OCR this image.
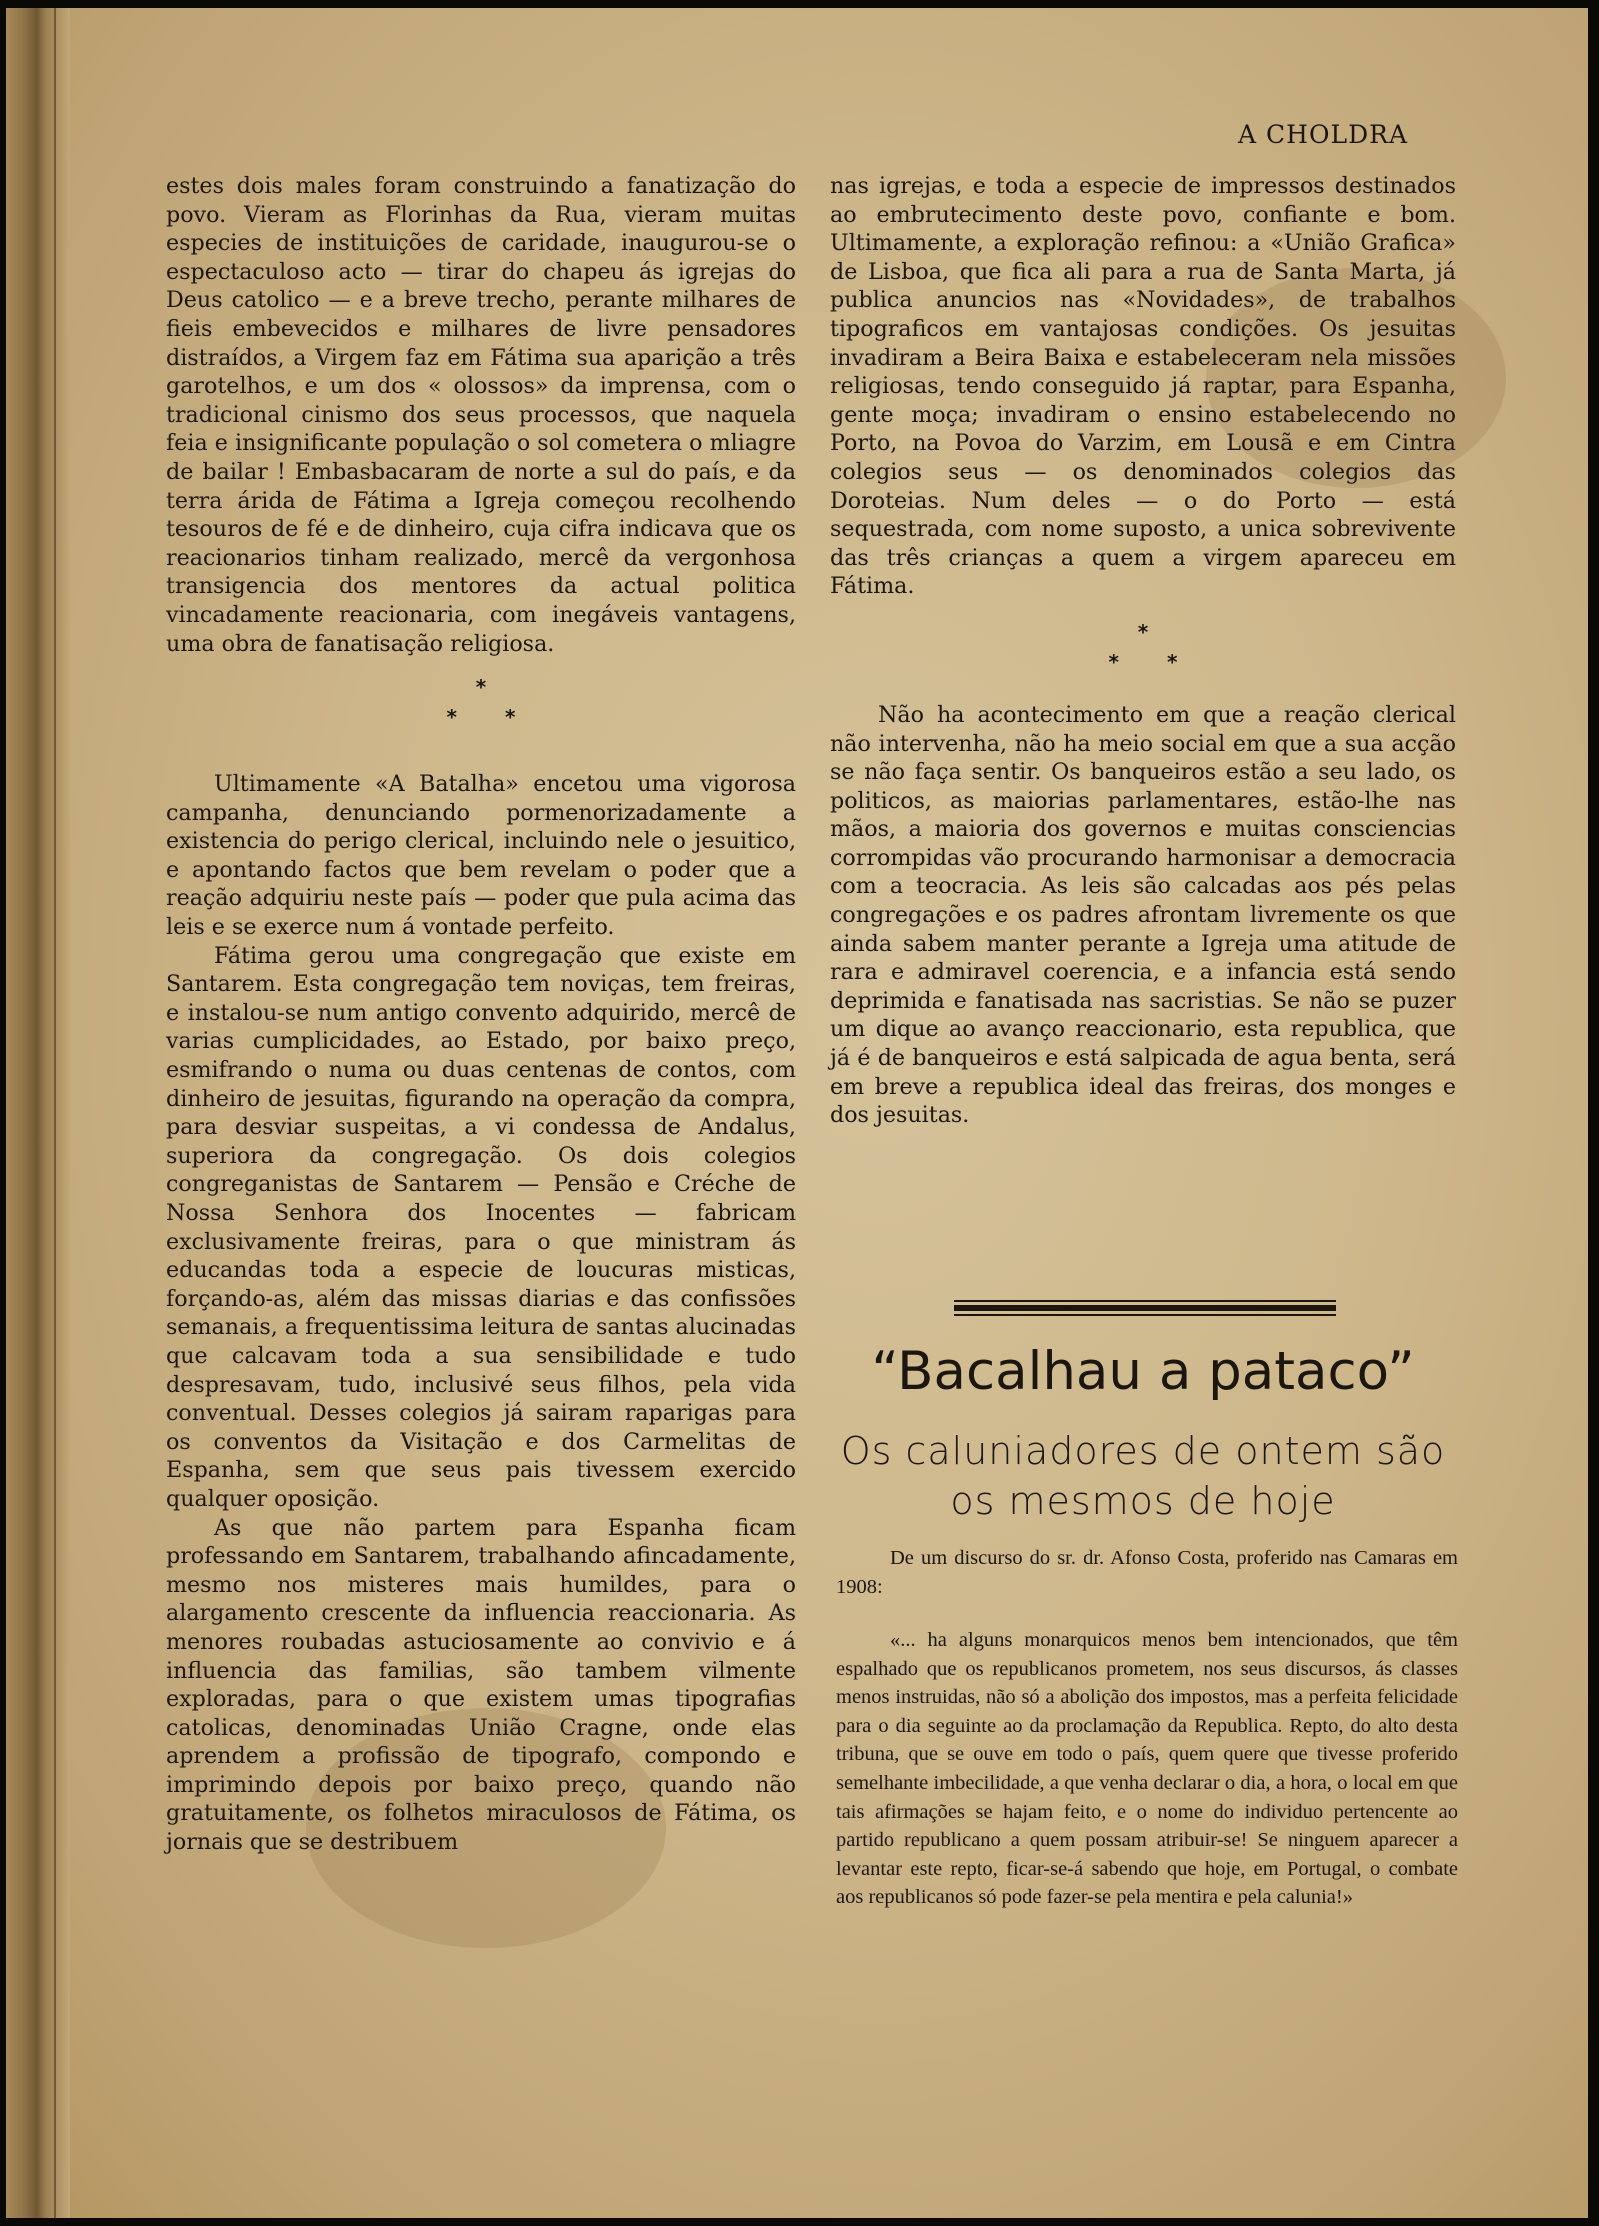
A CHOLDRA

estes dois males foram construindo a fanatização do povo. Vieram as Florinhas da Rua, vieram muitas especies de instituições de caridade, inaugurou-se o espectaculoso acto — tirar do chapeu ás igrejas do Deus catolico — e a breve trecho, perante milhares de fieis embevecidos e milhares de livre pensadores distraídos, a Virgem faz em Fátima sua aparição a três garotelhos, e um dos « olossos» da imprensa, com o tradicional cinismo dos seus processos, que naquela feia e insignificante população o sol cometera o mliagre de bailar ! Embasbacaram de norte a sul do país, e da terra árida de Fátima a Igreja começou recolhendo tesouros de fé e de dinheiro, cuja cifra indicava que os reacionarios tinham realizado, mercê da vergonhosa transigencia dos mentores da actual politica vincadamente reacionaria, com inegáveis vantagens, uma obra de fanatisação religiosa.

*
**

Ultimamente «A Batalha» encetou uma vigorosa campanha, denunciando pormenorizadamente a existencia do perigo clerical, incluindo nele o jesuitico, e apontando factos que bem revelam o poder que a reação adquiriu neste país — poder que pula acima das leis e se exerce num á vontade perfeito.

Fátima gerou uma congregação que existe em Santarem. Esta congregação tem noviças, tem freiras, e instalou-se num antigo convento adquirido, mercê de varias cumplicidades, ao Estado, por baixo preço, esmifrando o numa ou duas centenas de contos, com dinheiro de jesuitas, figurando na operação da compra, para desviar suspeitas, a vi condessa de Andalus, superiora da congregação. Os dois colegios congreganistas de Santarem — Pensão e Créche de Nossa Senhora dos Inocentes — fabricam exclusivamente freiras, para o que ministram ás educandas toda a especie de loucuras misticas, forçando-as, além das missas diarias e das confissões semanais, a frequentissima leitura de santas alucinadas que calcavam toda a sua sensibilidade e tudo despresavam, tudo, inclusivé seus filhos, pela vida conventual. Desses colegios já sairam raparigas para os conventos da Visitação e dos Carmelitas de Espanha, sem que seus pais tivessem exercido qualquer oposição.

As que não partem para Espanha ficam professando em Santarem, trabalhando afincadamente, mesmo nos misteres mais humildes, para o alargamento crescente da influencia reaccionaria. As menores roubadas astuciosamente ao convivio e á influencia das familias, são tambem vilmente exploradas, para o que existem umas tipografias catolicas, denominadas União Cragne, onde elas aprendem a profissão de tipografo, compondo e imprimindo depois por baixo preço, quando não gratuitamente, os folhetos miraculosos de Fátima, os jornais que se destribuem

nas igrejas, e toda a especie de impressos destinados ao embrutecimento deste povo, confiante e bom. Ultimamente, a exploração refinou: a «União Grafica» de Lisboa, que fica ali para a rua de Santa Marta, já publica anuncios nas «Novidades», de trabalhos tipograficos em vantajosas condições. Os jesuitas invadiram a Beira Baixa e estabeleceram nela missões religiosas, tendo conseguido já raptar, para Espanha, gente moça; invadiram o ensino estabelecendo no Porto, na Povoa do Varzim, em Lousã e em Cintra colegios seus — os denominados colegios das Doroteias. Num deles — o do Porto — está sequestrada, com nome suposto, a unica sobrevivente das três crianças a quem a virgem apareceu em Fátima.

*
**

Não ha acontecimento em que a reação clerical não intervenha, não ha meio social em que a sua acção se não faça sentir. Os banqueiros estão a seu lado, os politicos, as maiorias parlamentares, estão-lhe nas mãos, a maioria dos governos e muitas consciencias corrompidas vão procurando harmonisar a democracia com a teocracia. As leis são calcadas aos pés pelas congregações e os padres afrontam livremente os que ainda sabem manter perante a Igreja uma atitude de rara e admiravel coerencia, e a infancia está sendo deprimida e fanatisada nas sacristias. Se não se puzer um dique ao avanço reaccionario, esta republica, que já é de banqueiros e está salpicada de agua benta, será em breve a republica ideal das freiras, dos monges e dos jesuitas.

“Bacalhau a pataco”
Os caluniadores de ontem são
os mesmos de hoje
De um discurso do sr. dr. Afonso Costa, proferido nas Camaras em 1908:
«... ha alguns monarquicos menos bem intencionados, que têm espalhado que os republicanos prometem, nos seus discursos, ás classes menos instruidas, não só a abolição dos impostos, mas a perfeita felicidade para o dia seguinte ao da proclamação da Republica. Repto, do alto desta tribuna, que se ouve em todo o país, quem quere que tivesse proferido semelhante imbecilidade, a que venha declarar o dia, a hora, o local em que tais afirmações se hajam feito, e o nome do individuo pertencente ao partido republicano a quem possam atribuir-se! Se ninguem aparecer a levantar este repto, ficar-se-á sabendo que hoje, em Portugal, o combate aos republicanos só pode fazer-se pela mentira e pela calunia!»
